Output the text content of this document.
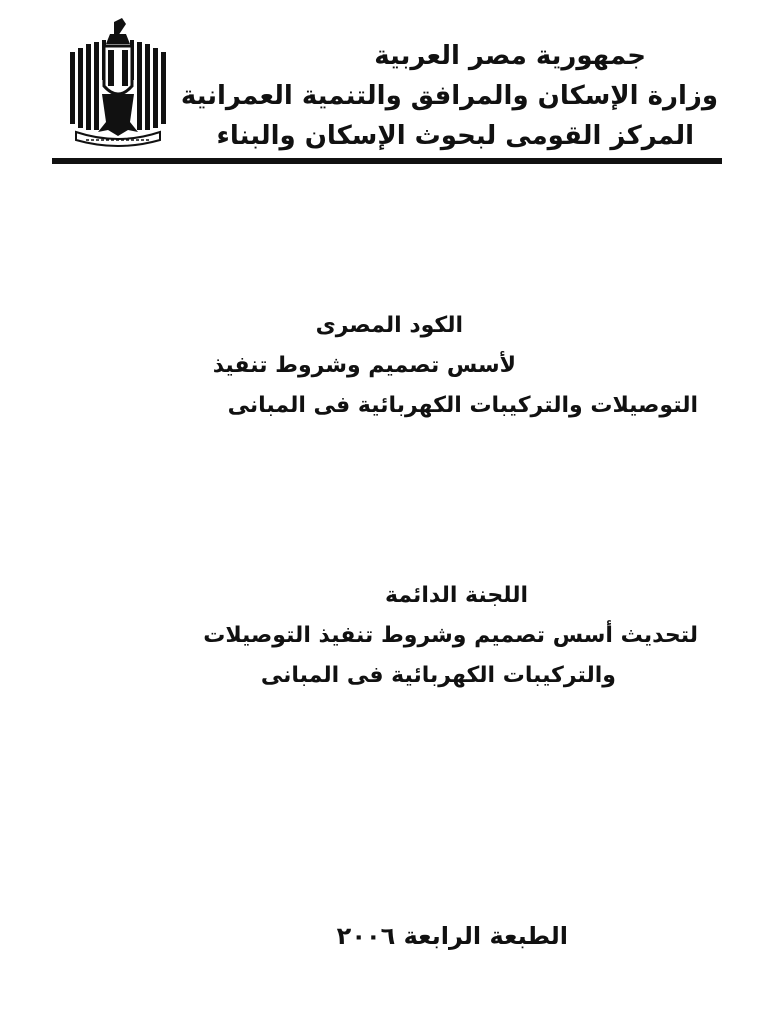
جمهورية مصر العربية
وزارة الإسكان والمرافق والتنمية العمرانية
المركز القومى لبحوث الإسكان والبناء
الكود المصرى
لأسس تصميم وشروط تنفيذ
التوصيلات والتركيبات الكهربائية فى المبانى
اللجنة الدائمة
لتحديث أسس تصميم وشروط تنفيذ التوصيلات
والتركيبات الكهربائية فى المبانى
الطبعة الرابعة ٢٠٠٦
